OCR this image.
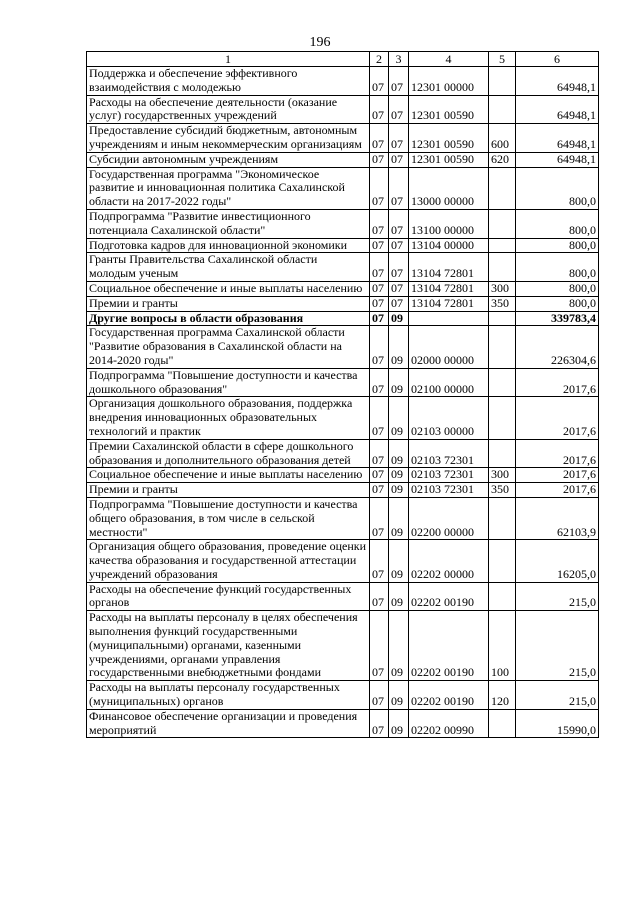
196
1	2	3	4	5	6
Поддержка и обеспечение эффективного взаимодействия с молодежью	07	07	12301 00000		64948,1
Расходы на обеспечение деятельности (оказание услуг) государственных учреждений	07	07	12301 00590		64948,1
Предоставление субсидий бюджетным, автономным учреждениям и иным некоммерческим организациям	07	07	12301 00590	600	64948,1
Субсидии автономным учреждениям	07	07	12301 00590	620	64948,1
Государственная программа "Экономическое развитие и инновационная политика Сахалинской области на 2017-2022 годы"	07	07	13000 00000		800,0
Подпрограмма "Развитие инвестиционного потенциала Сахалинской области"	07	07	13100 00000		800,0
Подготовка кадров для инновационной экономики	07	07	13104 00000		800,0
Гранты Правительства Сахалинской области молодым ученым	07	07	13104 72801		800,0
Социальное обеспечение и иные выплаты населению	07	07	13104 72801	300	800,0
Премии и гранты	07	07	13104 72801	350	800,0
Другие вопросы в области образования	07	09			339783,4
Государственная программа Сахалинской области "Развитие образования в Сахалинской области на 2014-2020 годы"	07	09	02000 00000		226304,6
Подпрограмма "Повышение доступности и качества дошкольного образования"	07	09	02100 00000		2017,6
Организация дошкольного образования, поддержка внедрения инновационных образовательных технологий и практик	07	09	02103 00000		2017,6
Премии Сахалинской области в сфере дошкольного образования и дополнительного образования детей	07	09	02103 72301		2017,6
Социальное обеспечение и иные выплаты населению	07	09	02103 72301	300	2017,6
Премии и гранты	07	09	02103 72301	350	2017,6
Подпрограмма "Повышение доступности и качества общего образования, в том числе в сельской местности"	07	09	02200 00000		62103,9
Организация общего образования, проведение оценки качества образования и государственной аттестации учреждений образования	07	09	02202 00000		16205,0
Расходы на обеспечение функций государственных органов	07	09	02202 00190		215,0
Расходы на выплаты персоналу в целях обеспечения выполнения функций государственными (муниципальными) органами, казенными учреждениями, органами управления государственными внебюджетными фондами	07	09	02202 00190	100	215,0
Расходы на выплаты персоналу государственных (муниципальных) органов	07	09	02202 00190	120	215,0
Финансовое обеспечение организации и проведения мероприятий	07	09	02202 00990		15990,0
